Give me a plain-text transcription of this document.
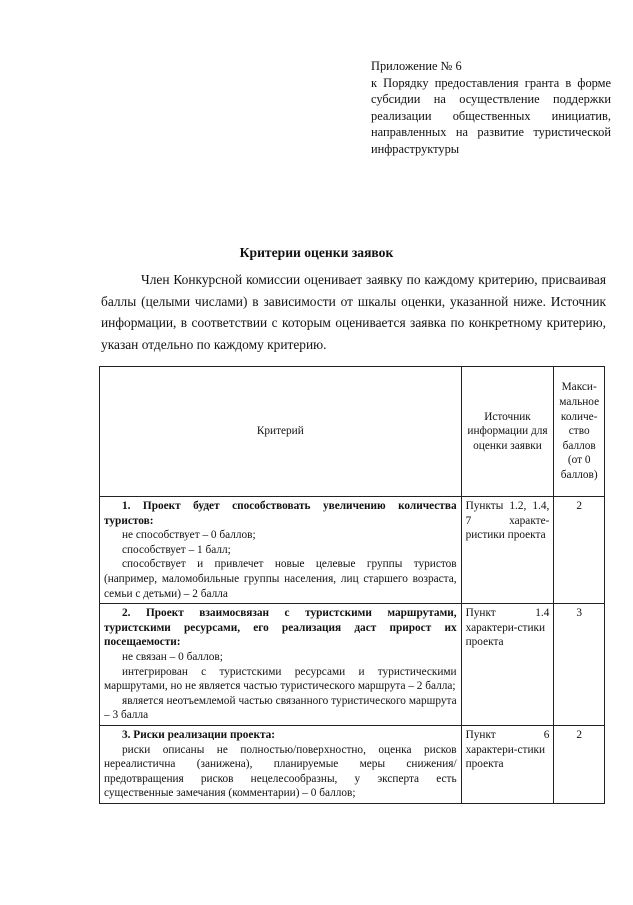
Приложение № 6
к Порядку предоставления гранта в форме субсидии на осуществление поддержки реализации общественных инициатив, направленных на развитие туристической инфраструктуры
Критерии оценки заявок

Член Конкурсной комиссии оценивает заявку по каждому критерию, присваивая баллы (целыми числами) в зависимости от шкалы оценки, указанной ниже. Источник информации, в соответствии с которым оценивается заявка по конкретному критерию, указан отдельно по каждому критерию.

Критерий	Источник информации для оценки заявки	Макси-мальное количе-ство баллов (от 0 баллов)

1. Проект будет способствовать увеличению количества туристов:
не способствует – 0 баллов;
способствует – 1 балл;
способствует и привлечет новые целевые группы туристов (например, маломобильные группы населения, лиц старшего возраста, семьи с детьми) – 2 балла	Пункты 1.2, 1.4, 7 характе-ристики проекта	2

2. Проект взаимосвязан с туристскими маршрутами, туристскими ресурсами, его реализация даст прирост их посещаемости:
не связан – 0 баллов;
интегрирован с туристскими ресурсами и туристическими маршрутами, но не является частью туристического маршрута – 2 балла;
является неотъемлемой частью связанного туристического маршрута – 3 балла	Пункт 1.4 характери-стики проекта	3

3. Риски реализации проекта:
риски описаны не полностью/поверхностно, оценка рисков нереалистична (занижена), планируемые меры снижения/предотвращения рисков нецелесообразны, у эксперта есть существенные замечания (комментарии) – 0 баллов;	Пункт 6 характери-стики проекта	2
